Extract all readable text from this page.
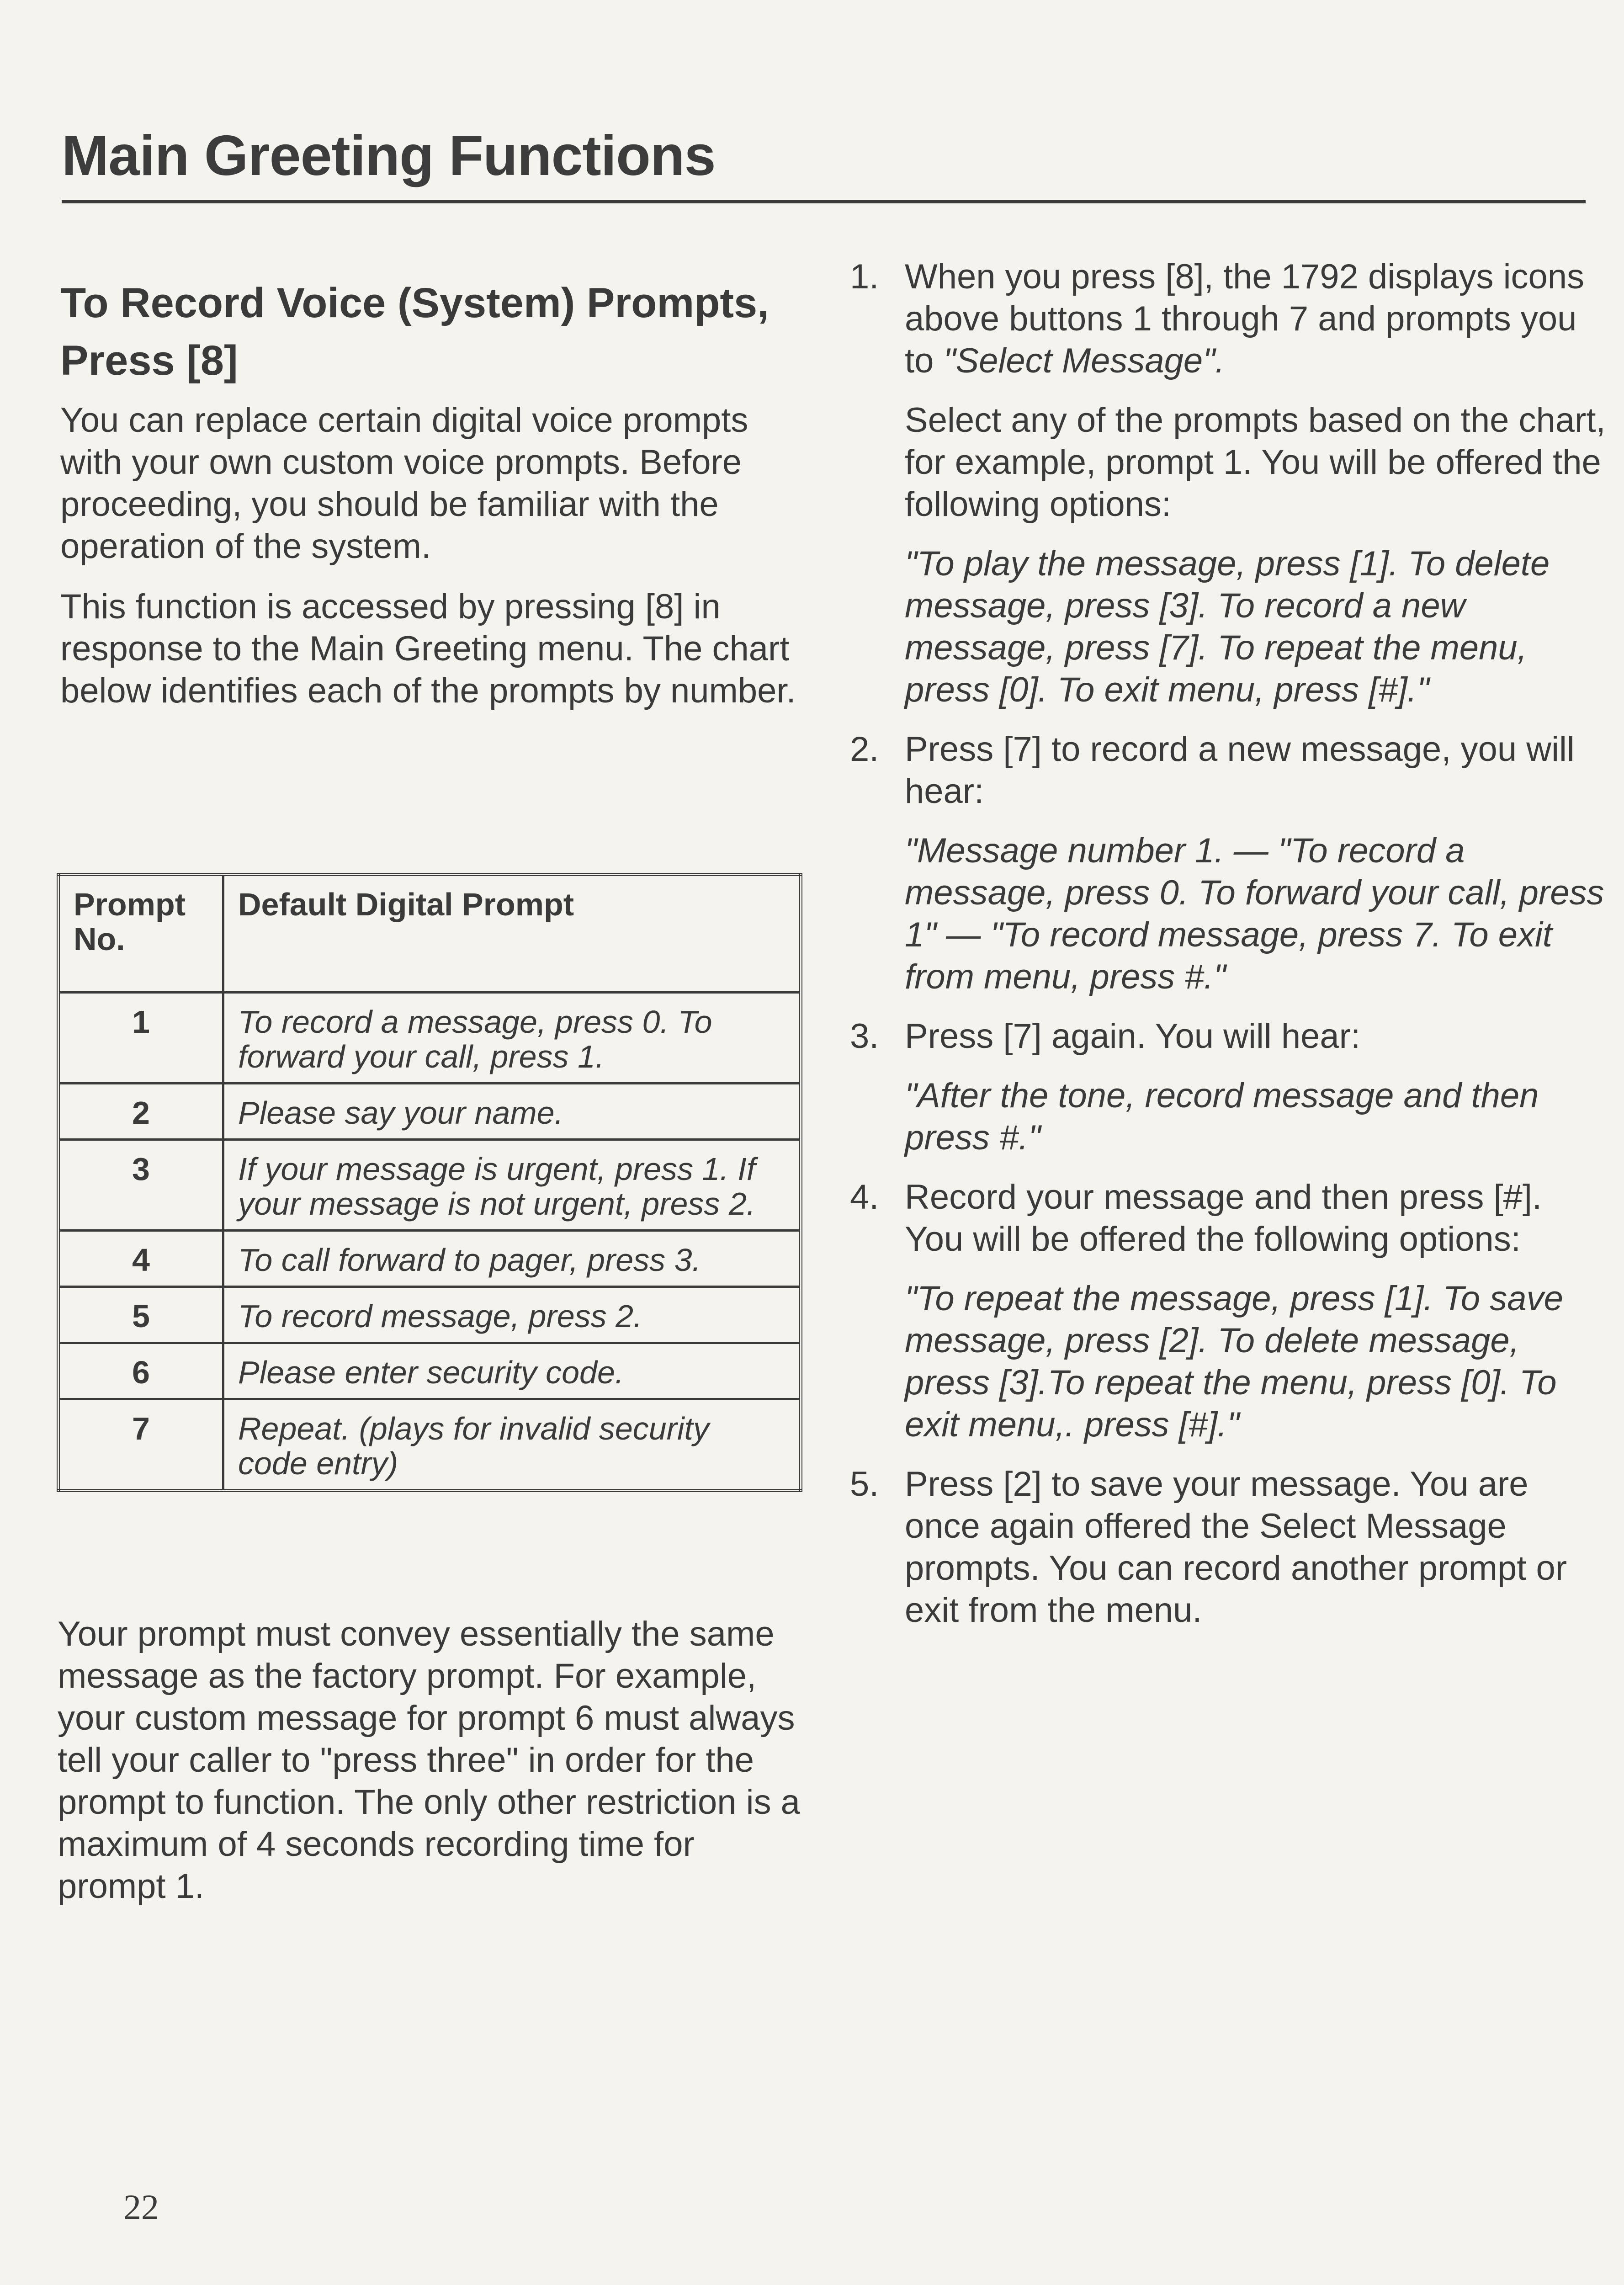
Main Greeting Functions
To Record Voice (System) Prompts, Press [8]

You can replace certain digital voice prompts with your own custom voice prompts. Before proceeding, you should be familiar with the operation of the system.

This function is accessed by pressing [8] in response to the Main Greeting menu. The chart below identifies each of the prompts by number.

Prompt No.	Default Digital Prompt
1	To record a message, press 0. To forward your call, press 1.
2	Please say your name.
3	If your message is urgent, press 1. If your message is not urgent, press 2.
4	To call forward to pager, press 3.
5	To record message, press 2.
6	Please enter security code.
7	Repeat. (plays for invalid security code entry)

Your prompt must convey essentially the same message as the factory prompt. For example, your custom message for prompt 6 must always tell your caller to "press three" in order for the prompt to function. The only other restriction is a maximum of 4 seconds recording time for prompt 1.

1. When you press [8], the 1792 displays icons above buttons 1 through 7 and prompts you to "Select Message".

Select any of the prompts based on the chart, for example, prompt 1. You will be offered the following options:

"To play the message, press [1]. To delete message, press [3]. To record a new message, press [7]. To repeat the menu, press [0]. To exit menu, press [#]."

2. Press [7] to record a new message, you will hear:

"Message number 1. — "To record a message, press 0. To forward your call, press 1" — "To record message, press 7. To exit from menu, press #."

3. Press [7] again. You will hear:

"After the tone, record message and then press #."

4. Record your message and then press [#]. You will be offered the following options:

"To repeat the message, press [1]. To save message, press [2]. To delete message, press [3].To repeat the menu, press [0]. To exit menu,. press [#]."

5. Press [2] to save your message. You are once again offered the Select Message prompts. You can record another prompt or exit from the menu.

22
